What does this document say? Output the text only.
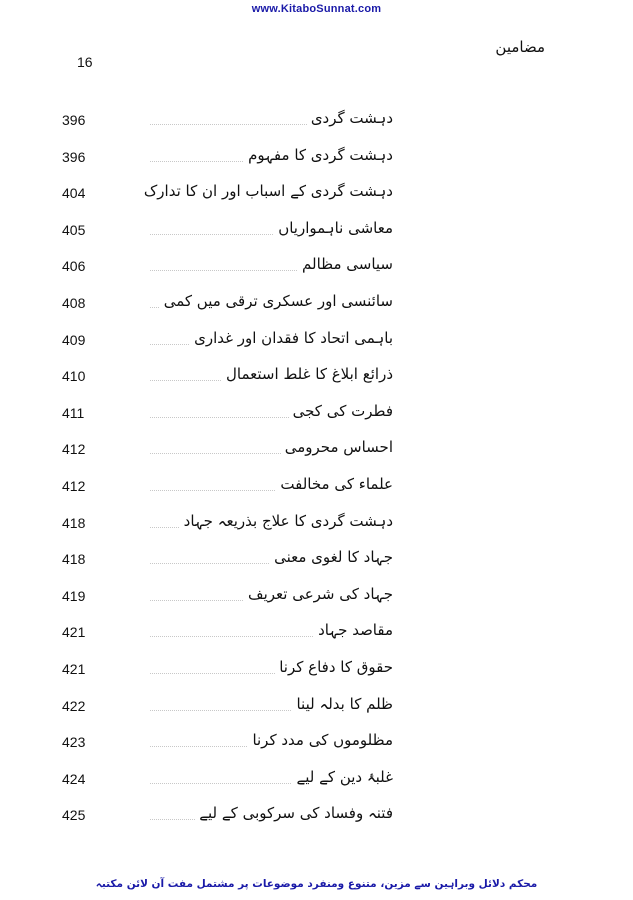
www.KitaboSunnat.com
16
مضامین
396	دہشت گردی
396	دہشت گردی کا مفہوم
404	دہشت گردی کے اسباب اور ان کا تدارک
405	معاشی ناہمواریاں
406	سیاسی مظالم
408	سائنسی اور عسکری ترقی میں کمی
409	باہمی اتحاد کا فقدان اور غداری
410	ذرائع ابلاغ کا غلط استعمال
411	فطرت کی کجی
412	احساس محرومی
412	علماء کی مخالفت
418	دہشت گردی کا علاج بذریعہ جہاد
418	جہاد کا لغوی معنی
419	جہاد کی شرعی تعریف
421	مقاصد جہاد
421	حقوق کا دفاع کرنا
422	ظلم کا بدلہ لینا
423	مظلوموں کی مدد کرنا
424	غلبۂ دین کے لیے
425	فتنہ وفساد کی سرکوبی کے لیے
محکم دلائل وبراہین سے مزین، متنوع ومنفرد موضوعات پر مشتمل مفت آن لائن مکتبہ
